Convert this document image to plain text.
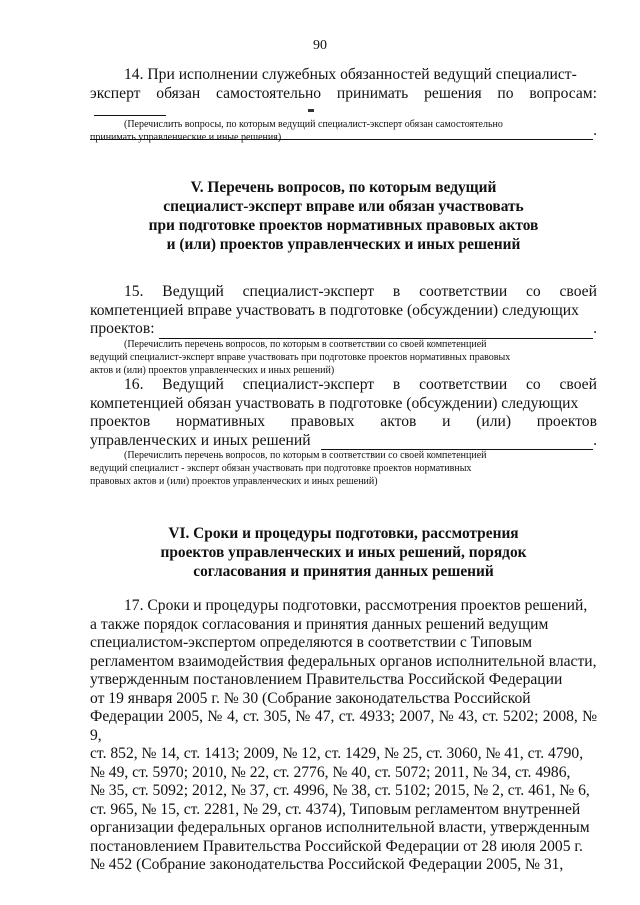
90
14. При исполнении служебных обязанностей ведущий специалист-
эксперт обязан самостоятельно принимать решения по вопросам:
.
(Перечислить вопросы, по которым ведущий специалист-эксперт обязан самостоятельно
принимать управленческие и иные решения)
V. Перечень вопросов, по которым ведущий
специалист-эксперт вправе или обязан участвовать
при подготовке проектов нормативных правовых актов
и (или) проектов управленческих и иных решений
15. Ведущий специалист-эксперт в соответствии со своей
компетенцией вправе участвовать в подготовке (обсуждении) следующих
проектов:	.
(Перечислить перечень вопросов, по которым в соответствии со своей компетенцией
ведущий специалист-эксперт вправе участвовать при подготовке проектов нормативных правовых
актов и (или) проектов управленческих и иных решений)
16. Ведущий специалист-эксперт в соответствии со своей
компетенцией обязан участвовать в подготовке (обсуждении) следующих
проектов нормативных правовых актов и (или) проектов
управленческих и иных решений	.
(Перечислить перечень вопросов, по которым в соответствии со своей компетенцией
ведущий специалист - эксперт обязан участвовать при подготовке проектов нормативных
правовых актов и (или) проектов управленческих и иных решений)
VI. Сроки и процедуры подготовки, рассмотрения
проектов управленческих и иных решений, порядок
согласования и принятия данных решений
17. Сроки и процедуры подготовки, рассмотрения проектов решений,
а также порядок согласования и принятия данных решений ведущим
специалистом-экспертом определяются в соответствии с Типовым
регламентом взаимодействия федеральных органов исполнительной власти,
утвержденным постановлением Правительства Российской Федерации
от 19 января 2005 г. № 30 (Собрание законодательства Российской
Федерации 2005, № 4, ст. 305, № 47, ст. 4933; 2007, № 43, ст. 5202; 2008, № 9,
ст. 852, № 14, ст. 1413; 2009, № 12, ст. 1429, № 25, ст. 3060, № 41, ст. 4790,
№ 49, ст. 5970; 2010, № 22, ст. 2776, № 40, ст. 5072; 2011, № 34, ст. 4986,
№ 35, ст. 5092; 2012, № 37, ст. 4996, № 38, ст. 5102; 2015, № 2, ст. 461, № 6,
ст. 965, № 15, ст. 2281, № 29, ст. 4374), Типовым регламентом внутренней
организации федеральных органов исполнительной власти, утвержденным
постановлением Правительства Российской Федерации от 28 июля 2005 г.
№ 452 (Собрание законодательства Российской Федерации 2005, № 31,
